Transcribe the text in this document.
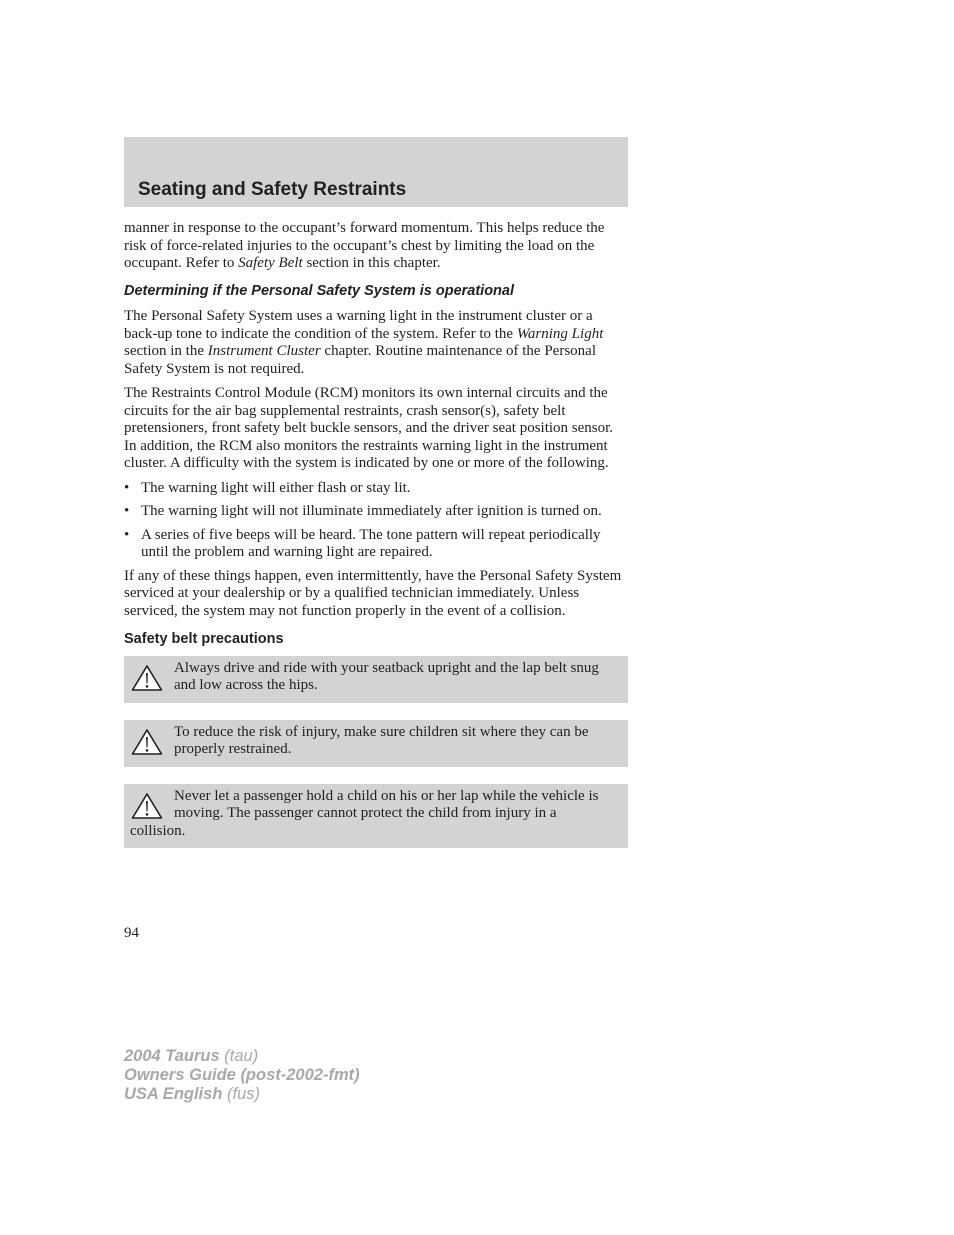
Seating and Safety Restraints

manner in response to the occupant’s forward momentum. This helps reduce the risk of force-related injuries to the occupant’s chest by limiting the load on the occupant. Refer to Safety Belt section in this chapter.

Determining if the Personal Safety System is operational

The Personal Safety System uses a warning light in the instrument cluster or a back-up tone to indicate the condition of the system. Refer to the Warning Light section in the Instrument Cluster chapter. Routine maintenance of the Personal Safety System is not required.

The Restraints Control Module (RCM) monitors its own internal circuits and the circuits for the air bag supplemental restraints, crash sensor(s), safety belt pretensioners, front safety belt buckle sensors, and the driver seat position sensor. In addition, the RCM also monitors the restraints warning light in the instrument cluster. A difficulty with the system is indicated by one or more of the following.

• The warning light will either flash or stay lit.
• The warning light will not illuminate immediately after ignition is turned on.
• A series of five beeps will be heard. The tone pattern will repeat periodically until the problem and warning light are repaired.

If any of these things happen, even intermittently, have the Personal Safety System serviced at your dealership or by a qualified technician immediately. Unless serviced, the system may not function properly in the event of a collision.

Safety belt precautions
Always drive and ride with your seatback upright and the lap belt snug and low across the hips.
To reduce the risk of injury, make sure children sit where they can be properly restrained.
Never let a passenger hold a child on his or her lap while the vehicle is moving. The passenger cannot protect the child from injury in a collision.
94
2004 Taurus (tau)
Owners Guide (post-2002-fmt)
USA English (fus)
